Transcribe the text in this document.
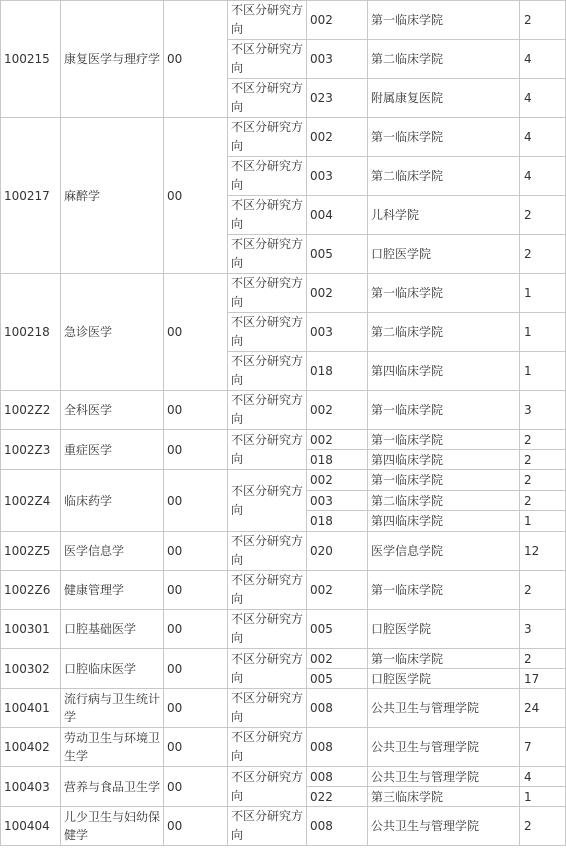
100215	康复医学与理疗学	00	不区分研究方向	002	第一临床学院	2
			不区分研究方向	003	第二临床学院	4
			不区分研究方向	023	附属康复医院	4
100217	麻醉学	00	不区分研究方向	002	第一临床学院	4
			不区分研究方向	003	第二临床学院	4
			不区分研究方向	004	儿科学院	2
			不区分研究方向	005	口腔医学院	2
100218	急诊医学	00	不区分研究方向	002	第一临床学院	1
			不区分研究方向	003	第二临床学院	1
			不区分研究方向	018	第四临床学院	1
1002Z2	全科医学	00	不区分研究方向	002	第一临床学院	3
1002Z3	重症医学	00	不区分研究方向	002	第一临床学院	2
				018	第四临床学院	2
1002Z4	临床药学	00	不区分研究方向	002	第一临床学院	2
				003	第二临床学院	2
				018	第四临床学院	1
1002Z5	医学信息学	00	不区分研究方向	020	医学信息学院	12
1002Z6	健康管理学	00	不区分研究方向	002	第一临床学院	2
100301	口腔基础医学	00	不区分研究方向	005	口腔医学院	3
100302	口腔临床医学	00	不区分研究方向	002	第一临床学院	2
				005	口腔医学院	17
100401	流行病与卫生统计学	00	不区分研究方向	008	公共卫生与管理学院	24
100402	劳动卫生与环境卫生学	00	不区分研究方向	008	公共卫生与管理学院	7
100403	营养与食品卫生学	00	不区分研究方向	008	公共卫生与管理学院	4
				022	第三临床学院	1
100404	儿少卫生与妇幼保健学	00	不区分研究方向	008	公共卫生与管理学院	2
